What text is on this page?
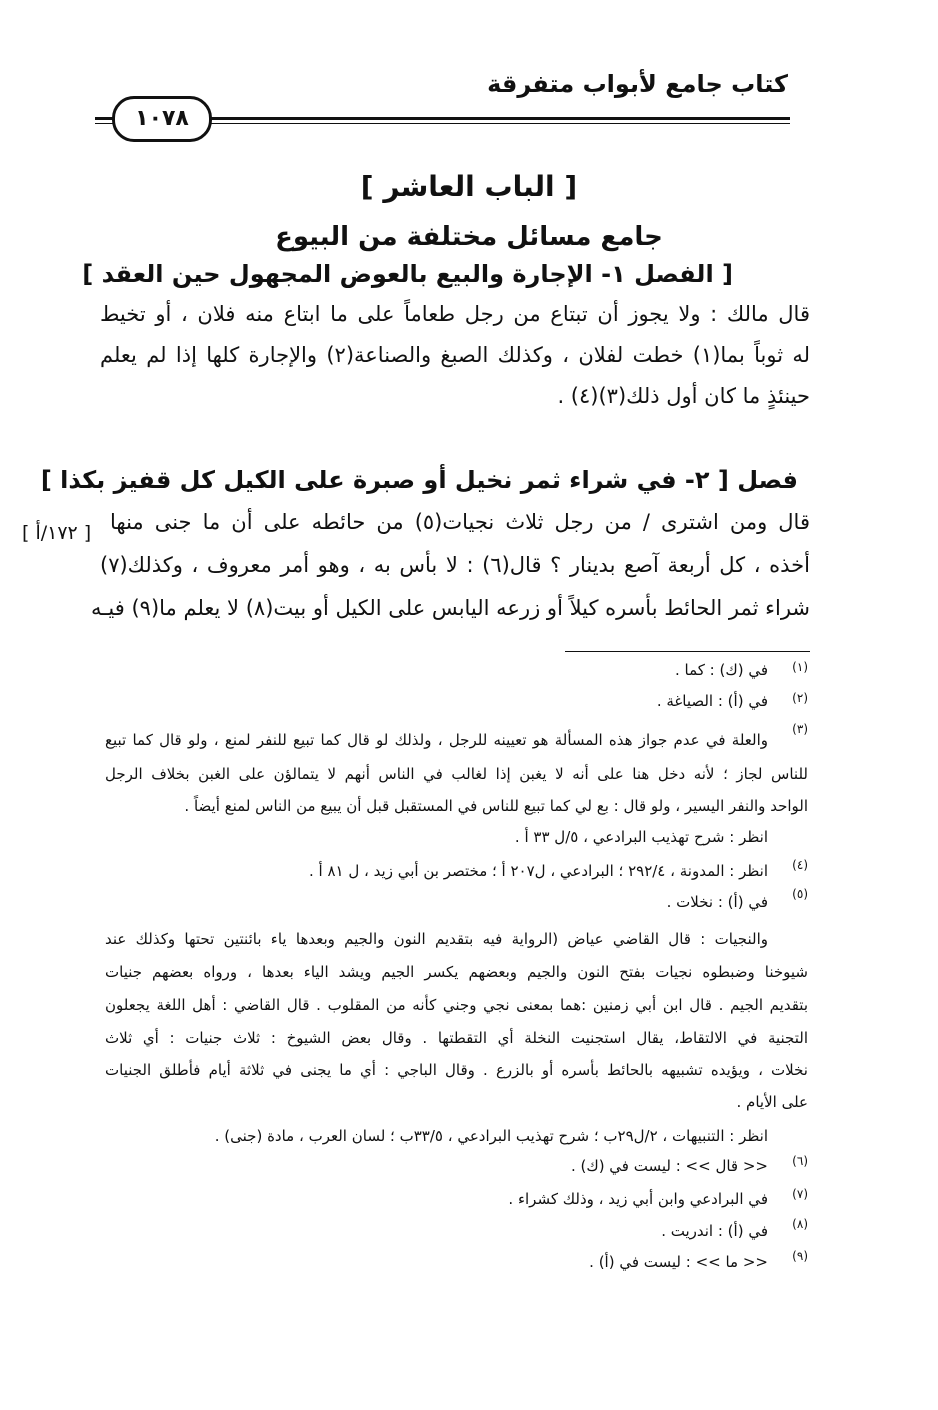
كتاب جامع لأبواب متفرقة
١٠٧٨
[ الباب العاشر ]
جامع مسائل مختلفة من البيوع
[ الفصل ١- الإجارة والبيع بالعوض المجهول حين العقد ]
قال مالك : ولا يجوز أن تبتاع من رجل طعاماً على ما ابتاع منه فلان ، أو تخيط
له ثوباً بما(١) خطت لفلان ، وكذلك الصبغ والصناعة(٢) والإجارة كلها إذا لم يعلم
حينئذٍ ما كان أول ذلك(٣)(٤) .
فصل [ ٢- في شراء ثمر نخيل أو صبرة على الكيل كل قفيز بكذا ]
[ ١٧٢/أ ] قال ومن اشترى / من رجل ثلاث نجيات(٥) من حائطه على أن ما جنى منها
أخذه ، كل أربعة آصع بدينار ؟ قال(٦) : لا بأس به ، وهو أمر معروف ، وكذلك(٧)
شراء ثمر الحائط بأسره كيلاً أو زرعه اليابس على الكيل أو بيت(٨) لا يعلم ما(٩) فيـه
(١)
في (ك) : كما .
(٢)
في (أ) : الصياغة .
(٣)
والعلة في عدم جواز هذه المسألة هو تعيينه للرجل ، ولذلك لو قال كما تبيع للنفر لمنع ، ولو قال كما تبيع
للناس لجاز ؛ لأنه دخل هنا على أنه لا يغبن إذا لغالب في الناس أنهم لا يتمالؤن على الغبن بخلاف الرجل
الواحد والنفر اليسير ، ولو قال : بع لي كما تبيع للناس في المستقبل قبل أن يبيع من الناس لمنع أيضاً .
انظر : شرح تهذيب البرادعي ، ٥/ل ٣٣ أ .
(٤)
انظر : المدونة ، ٢٩٢/٤ ؛ البرادعي ، ل٢٠٧ أ ؛ مختصر بن أبي زيد ، ل ٨١ أ .
(٥)
في (أ) : نخلات .
والنجيات : قال القاضي عياض (الرواية فيه بتقديم النون والجيم وبعدها ياء بائنتين تحتها وكذلك عند
شيوخنا وضبطوه نجيات بفتح النون والجيم وبعضهم يكسر الجيم ويشد الياء بعدها ، ورواه بعضهم جنيات
بتقديم الجيم . قال ابن أبي زمنين :هما بمعنى نجي وجني كأنه من المقلوب . قال القاضي : أهل اللغة يجعلون
التجنية في الالتقاط، يقال استجنيت النخلة أي التقطتها . وقال بعض الشيوخ : ثلاث جنيات : أي ثلاث
نخلات ، ويؤيده تشبيهه بالحائط بأسره أو بالزرع . وقال الباجي : أي ما يجنى في ثلاثة أيام فأطلق الجنيات
على الأيام .
انظر : التنبيهات ، ٢/ل٢٩ب ؛ شرح تهذيب البرادعي ، ٣٣/٥ب ؛ لسان العرب ، مادة (جنى) .
(٦)
<< قال >> : ليست في (ك) .
(٧)
في البرادعي وابن أبي زيد ، وذلك كشراء .
(٨)
في (أ) : اندريت .
(٩)
<< ما >> : ليست في (أ) .
